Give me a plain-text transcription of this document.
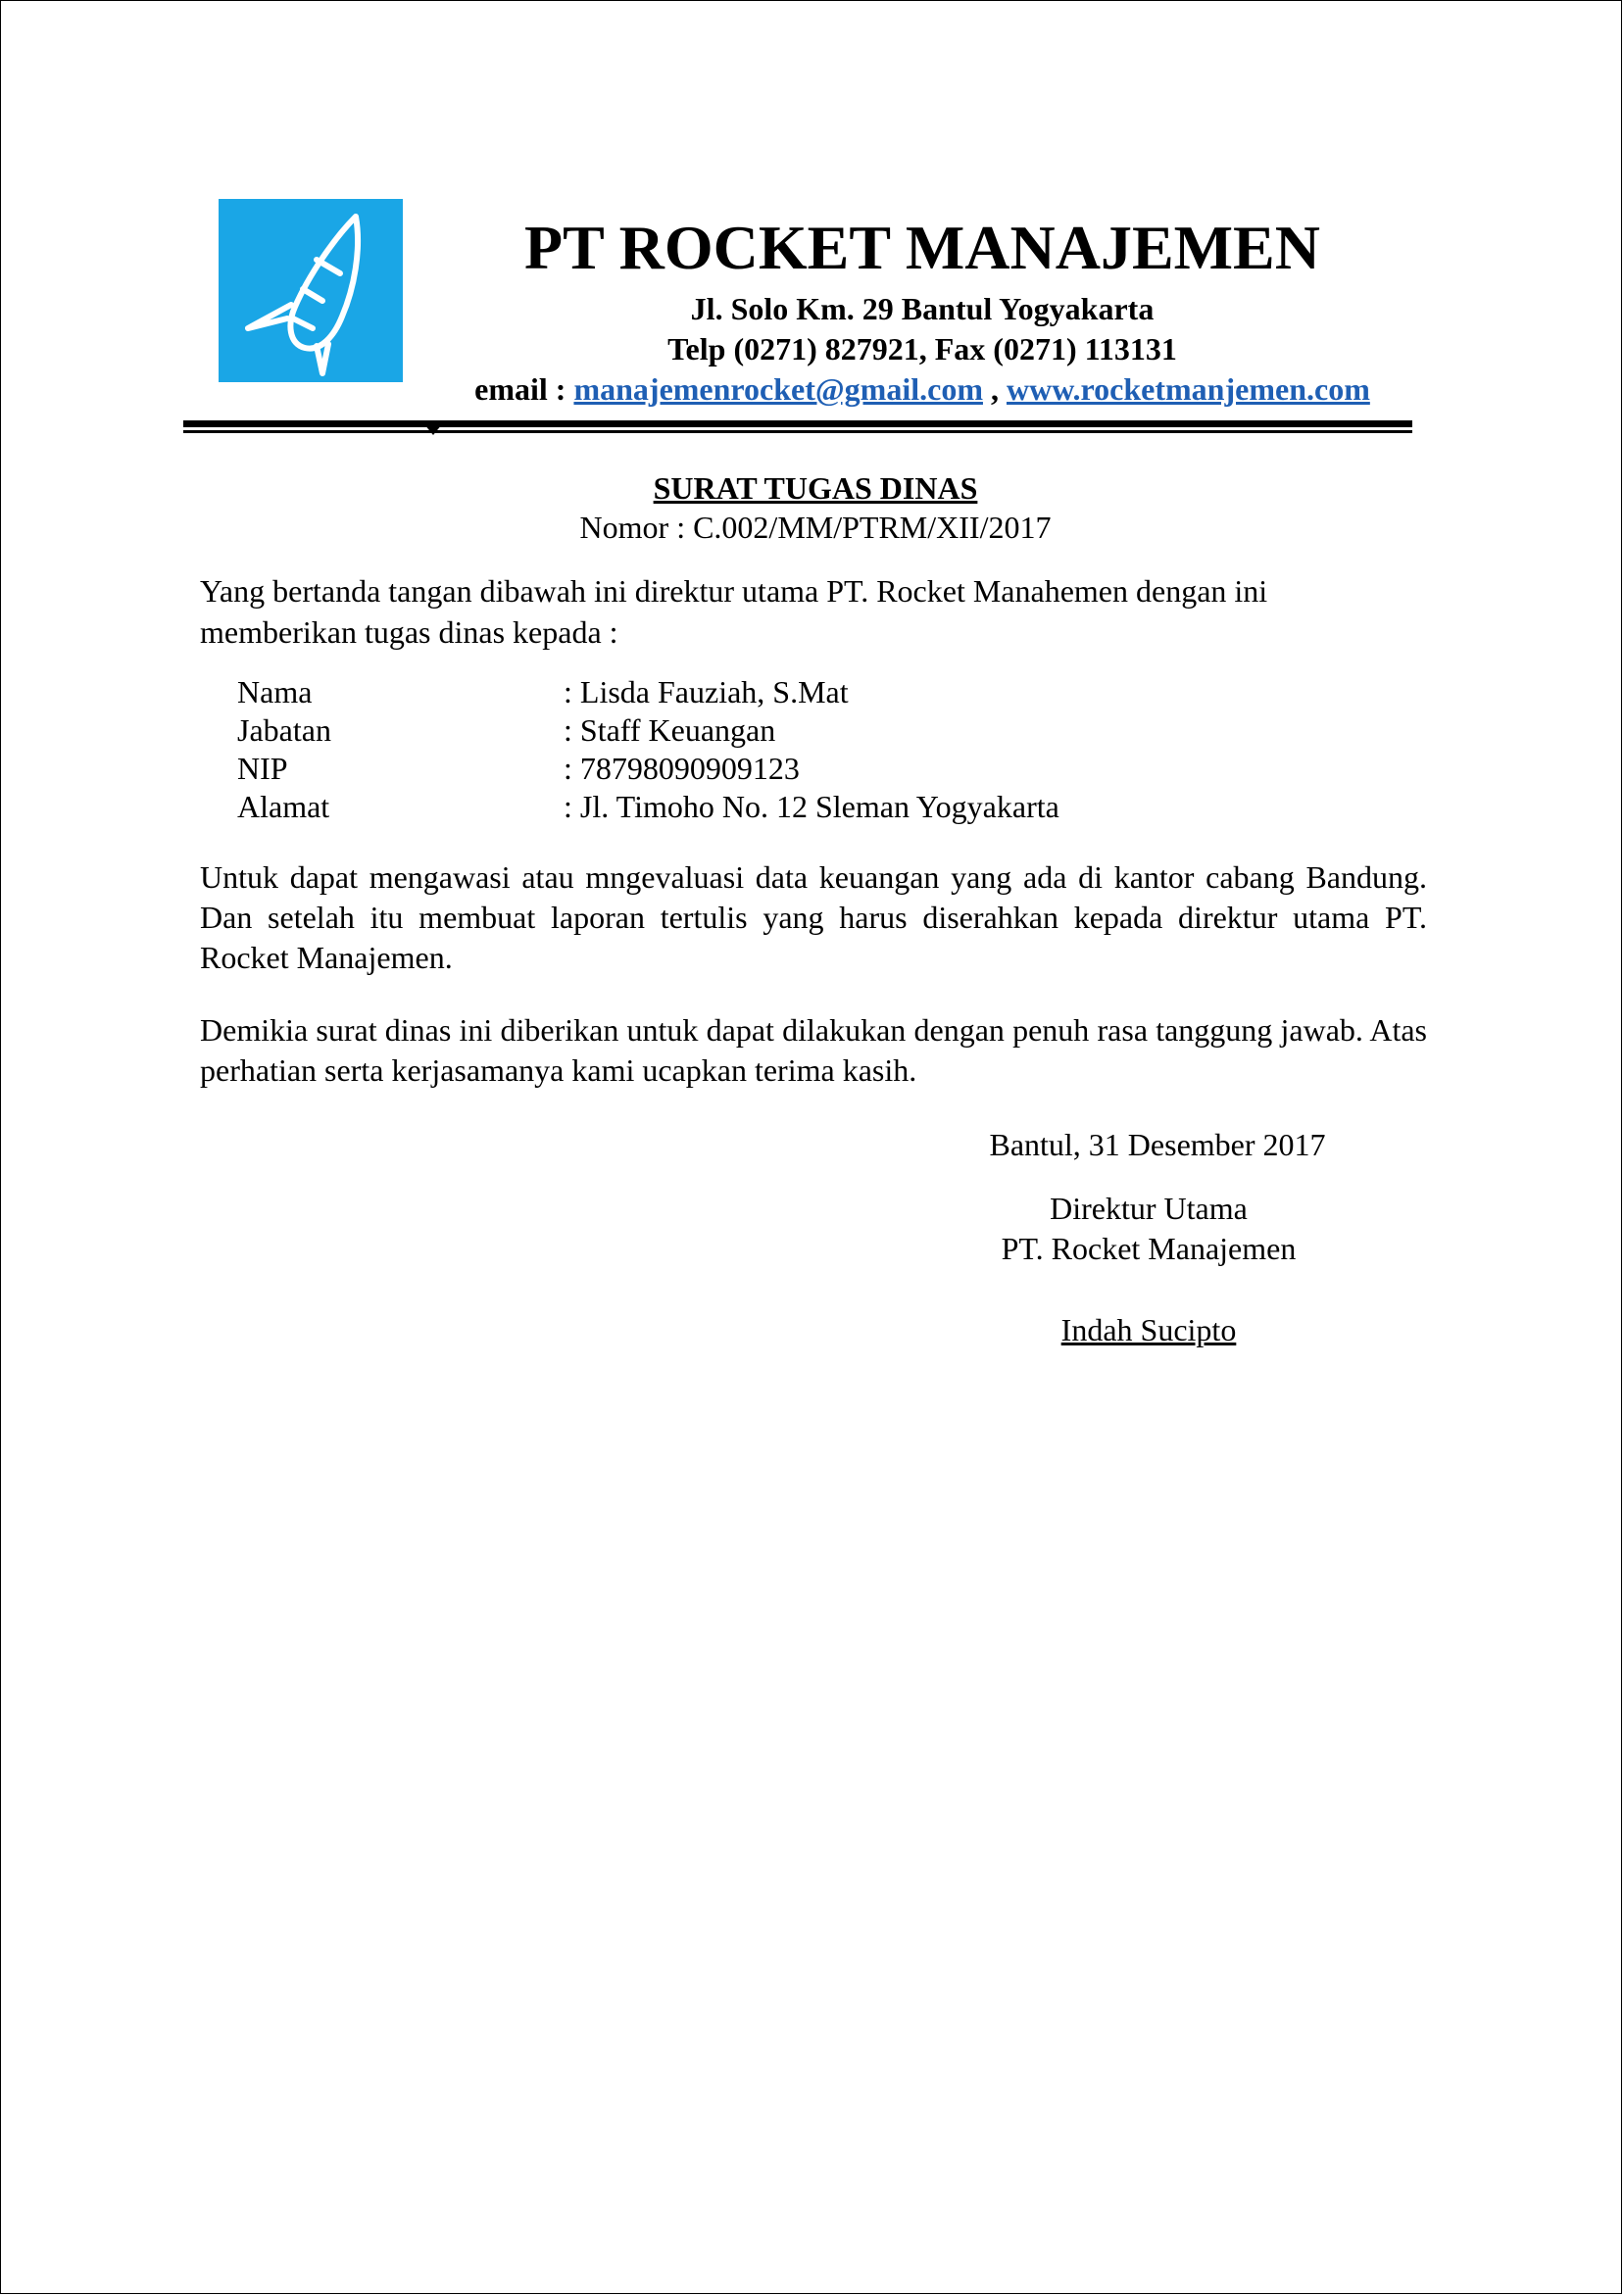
PT ROCKET MANAJEMEN
Jl. Solo Km. 29 Bantul Yogyakarta
Telp (0271) 827921, Fax (0271) 113131
email : manajemenrocket@gmail.com , www.rocketmanjemen.com
SURAT TUGAS DINAS
Nomor : C.002/MM/PTRM/XII/2017
Yang bertanda tangan dibawah ini direktur utama PT. Rocket Manahemen dengan ini memberikan tugas dinas kepada :
Nama	: Lisda Fauziah, S.Mat
Jabatan	: Staff Keuangan
NIP	: 78798090909123
Alamat	: Jl. Timoho No. 12 Sleman Yogyakarta
Untuk dapat mengawasi atau mngevaluasi data keuangan yang ada di kantor cabang Bandung. Dan setelah itu membuat laporan tertulis yang harus diserahkan kepada direktur utama PT. Rocket Manajemen.
Demikia surat dinas ini diberikan untuk dapat dilakukan dengan penuh rasa tanggung jawab. Atas perhatian serta kerjasamanya kami ucapkan terima kasih.
Bantul, 31 Desember 2017
Direktur Utama
PT. Rocket Manajemen
Indah Sucipto
